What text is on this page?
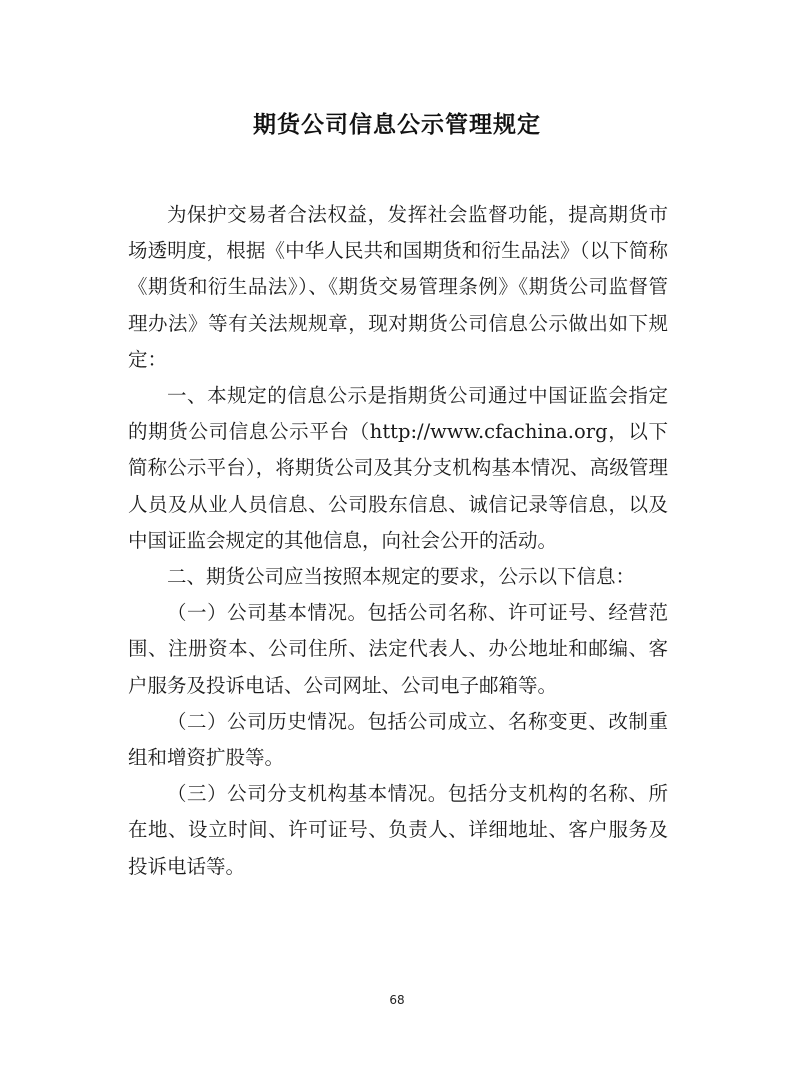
期货公司信息公示管理规定

为保护交易者合法权益，发挥社会监督功能，提高期货市场透明度，根据《中华人民共和国期货和衍生品法》（以下简称《期货和衍生品法》）、《期货交易管理条例》《期货公司监督管理办法》等有关法规规章，现对期货公司信息公示做出如下规定：

一、本规定的信息公示是指期货公司通过中国证监会指定的期货公司信息公示平台（http://www.cfachina.org，以下简称公示平台），将期货公司及其分支机构基本情况、高级管理人员及从业人员信息、公司股东信息、诚信记录等信息，以及中国证监会规定的其他信息，向社会公开的活动。

二、期货公司应当按照本规定的要求，公示以下信息：

（一）公司基本情况。包括公司名称、许可证号、经营范围、注册资本、公司住所、法定代表人、办公地址和邮编、客户服务及投诉电话、公司网址、公司电子邮箱等。

（二）公司历史情况。包括公司成立、名称变更、改制重组和增资扩股等。

（三）公司分支机构基本情况。包括分支机构的名称、所在地、设立时间、许可证号、负责人、详细地址、客户服务及投诉电话等。

68
